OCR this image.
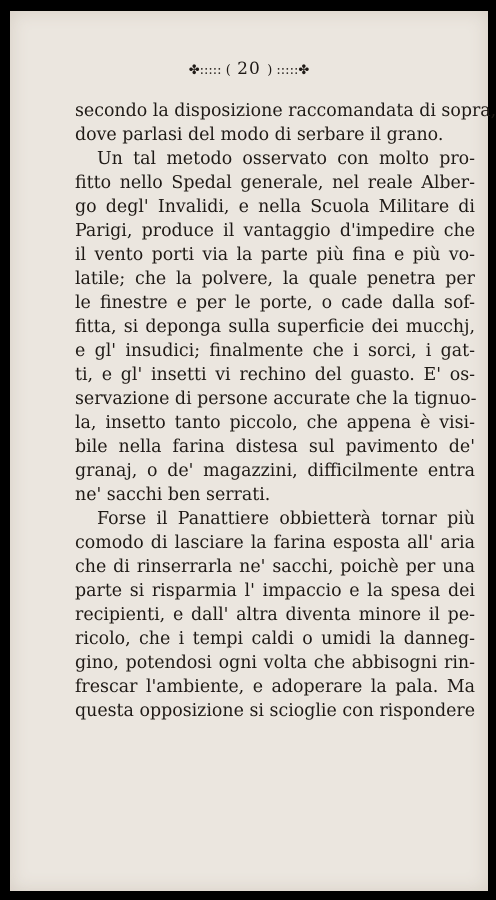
✤::::: ( 20 ) :::::✤
secondo la disposizione raccomandata di sopra,
dove parlasi del modo di serbare il grano.
Un tal metodo osservato con molto pro-
fitto nello Spedal generale, nel reale Alber-
go degl' Invalidi, e nella Scuola Militare di
Parigi, produce il vantaggio d'impedire che
il vento porti via la parte più fina e più vo-
latile; che la polvere, la quale penetra per
le finestre e per le porte, o cade dalla sof-
fitta, si deponga sulla superficie dei mucchj,
e gl' insudici; finalmente che i sorci, i gat-
ti, e gl' insetti vi rechino del guasto. E' os-
servazione di persone accurate che la tignuo-
la, insetto tanto piccolo, che appena è visi-
bile nella farina distesa sul pavimento de'
granaj, o de' magazzini, difficilmente entra
ne' sacchi ben serrati.
Forse il Panattiere obbietterà tornar più
comodo di lasciare la farina esposta all' aria
che di rinserrarla ne' sacchi, poichè per una
parte si risparmia l' impaccio e la spesa dei
recipienti, e dall' altra diventa minore il pe-
ricolo, che i tempi caldi o umidi la danneg-
gino, potendosi ogni volta che abbisogni rin-
frescar l'ambiente, e adoperare la pala. Ma
questa opposizione si scioglie con rispondere
